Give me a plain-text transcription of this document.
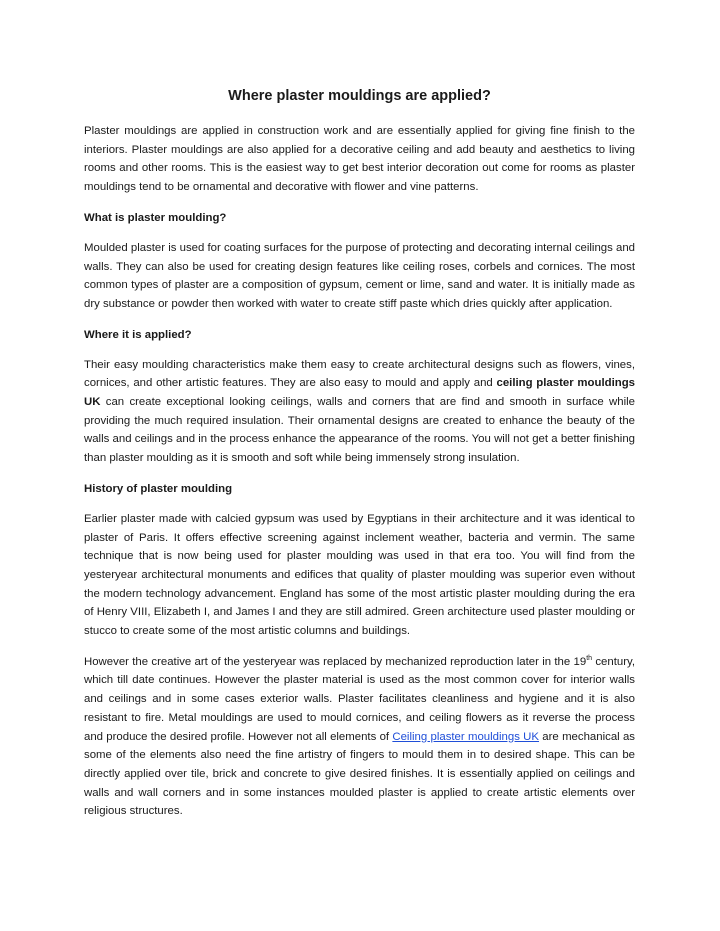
Where plaster mouldings are applied?

Plaster mouldings are applied in construction work and are essentially applied for giving fine finish to the interiors. Plaster mouldings are also applied for a decorative ceiling and add beauty and aesthetics to living rooms and other rooms. This is the easiest way to get best interior decoration out come for rooms as plaster mouldings tend to be ornamental and decorative with flower and vine patterns.

What is plaster moulding?

Moulded plaster is used for coating surfaces for the purpose of protecting and decorating internal ceilings and walls. They can also be used for creating design features like ceiling roses, corbels and cornices. The most common types of plaster are a composition of gypsum, cement or lime, sand and water. It is initially made as dry substance or powder then worked with water to create stiff paste which dries quickly after application.

Where it is applied?

Their easy moulding characteristics make them easy to create architectural designs such as flowers, vines, cornices, and other artistic features. They are also easy to mould and apply and ceiling plaster mouldings UK can create exceptional looking ceilings, walls and corners that are find and smooth in surface while providing the much required insulation. Their ornamental designs are created to enhance the beauty of the walls and ceilings and in the process enhance the appearance of the rooms. You will not get a better finishing than plaster moulding as it is smooth and soft while being immensely strong insulation.

History of plaster moulding

Earlier plaster made with calcied gypsum was used by Egyptians in their architecture and it was identical to plaster of Paris. It offers effective screening against inclement weather, bacteria and vermin. The same technique that is now being used for plaster moulding was used in that era too. You will find from the yesteryear architectural monuments and edifices that quality of plaster moulding was superior even without the modern technology advancement. England has some of the most artistic plaster moulding during the era of Henry VIII, Elizabeth I, and James I and they are still admired. Green architecture used plaster moulding or stucco to create some of the most artistic columns and buildings.

However the creative art of the yesteryear was replaced by mechanized reproduction later in the 19th century, which till date continues. However the plaster material is used as the most common cover for interior walls and ceilings and in some cases exterior walls. Plaster facilitates cleanliness and hygiene and it is also resistant to fire. Metal mouldings are used to mould cornices, and ceiling flowers as it reverse the process and produce the desired profile. However not all elements of Ceiling plaster mouldings UK are mechanical as some of the elements also need the fine artistry of fingers to mould them in to desired shape. This can be directly applied over tile, brick and concrete to give desired finishes. It is essentially applied on ceilings and walls and wall corners and in some instances moulded plaster is applied to create artistic elements over religious structures.
